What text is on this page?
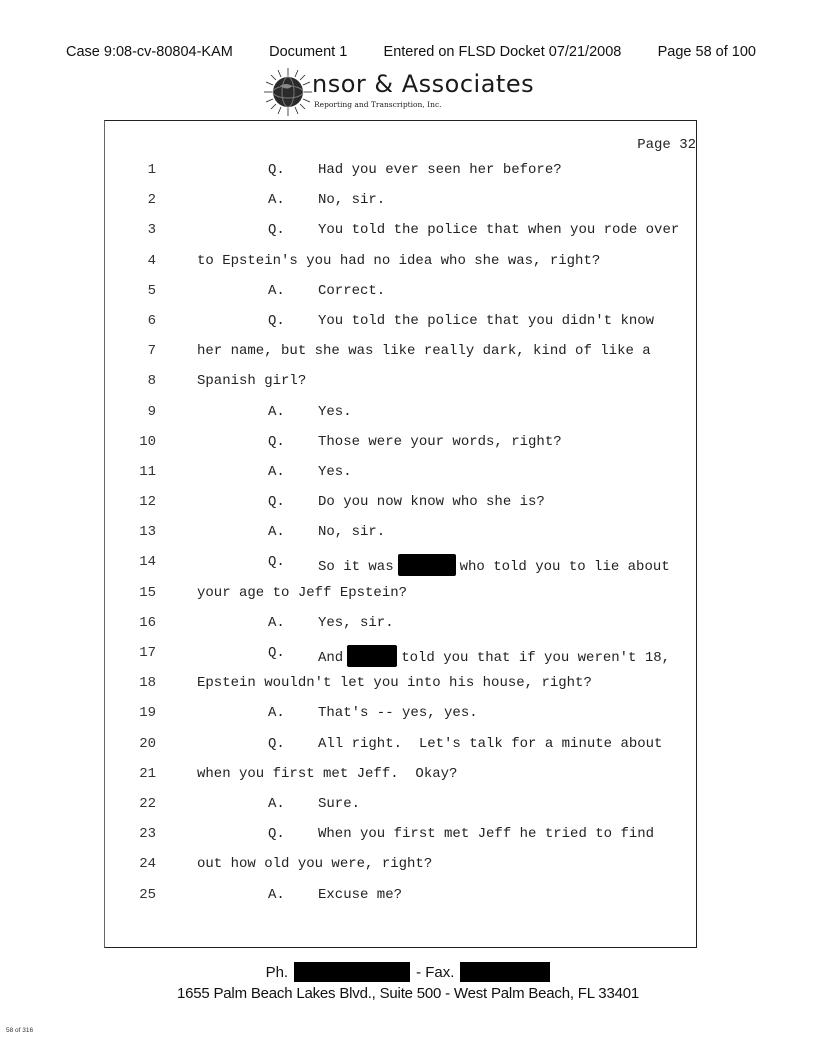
Case 9:08-cv-80804-KAM	Document 1	Entered on FLSD Docket 07/21/2008	Page 58 of 100
nsor & Associates
Reporting and Transcription, Inc.
Page 32
1	Q. Had you ever seen her before?
2	A. No, sir.
3	Q. You told the police that when you rode over
4	to Epstein's you had no idea who she was, right?
5	A. Correct.
6	Q. You told the police that you didn't know
7	her name, but she was like really dark, kind of like a
8	Spanish girl?
9	A. Yes.
10	Q. Those were your words, right?
11	A. Yes.
12	Q. Do you now know who she is?
13	A. No, sir.
14	Q. So it was	who told you to lie about
15	your age to Jeff Epstein?
16	A. Yes, sir.
17	Q. And	told you that if you weren't 18,
18	Epstein wouldn't let you into his house, right?
19	A. That's -- yes, yes.
20	Q. All right.  Let's talk for a minute about
21	when you first met Jeff.  Okay?
22	A. Sure.
23	Q. When you first met Jeff he tried to find
24	out how old you were, right?
25	A. Excuse me?
Ph.	- Fax.
1655 Palm Beach Lakes Blvd., Suite 500 - West Palm Beach, FL 33401
58 of 316
